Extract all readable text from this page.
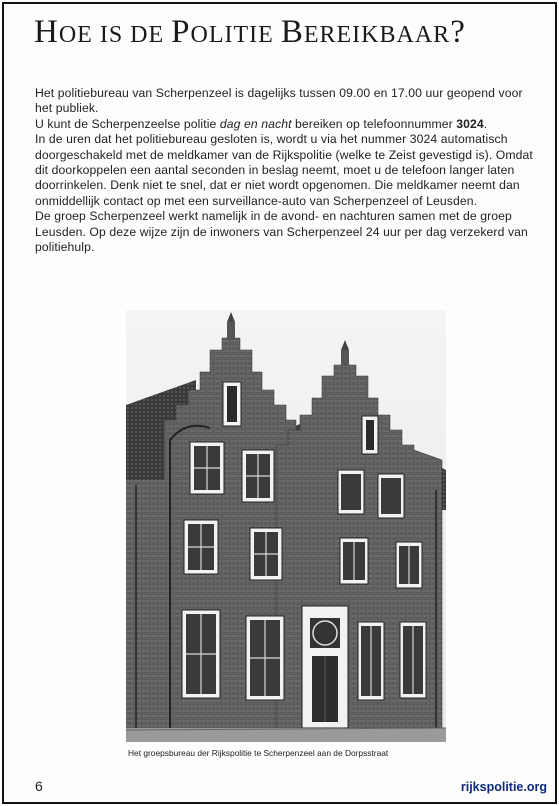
HOE IS DE POLITIE BEREIKBAAR?

Het politiebureau van Scherpenzeel is dagelijks tussen 09.00 en 17.00 uur geopend voor het publiek.

U kunt de Scherpenzeelse politie dag en nacht bereiken op telefoonnummer 3024.

In de uren dat het politiebureau gesloten is, wordt u via het nummer 3024 automatisch doorgeschakeld met de meldkamer van de Rijkspolitie (welke te Zeist gevestigd is). Omdat dit doorkoppelen een aantal seconden in beslag neemt, moet u de telefoon langer laten doorrinkelen. Denk niet te snel, dat er niet wordt opgenomen. Die meldkamer neemt dan onmiddellijk contact op met een surveillance-auto van Scherpenzeel of Leusden.

De groep Scherpenzeel werkt namelijk in de avond- en nachturen samen met de groep Leusden. Op deze wijze zijn de inwoners van Scherpenzeel 24 uur per dag verzekerd van politiehulp.

Het groepsbureau der Rijkspolitie te Scherpenzeel aan de Dorpsstraat
6	rijkspolitie.org
